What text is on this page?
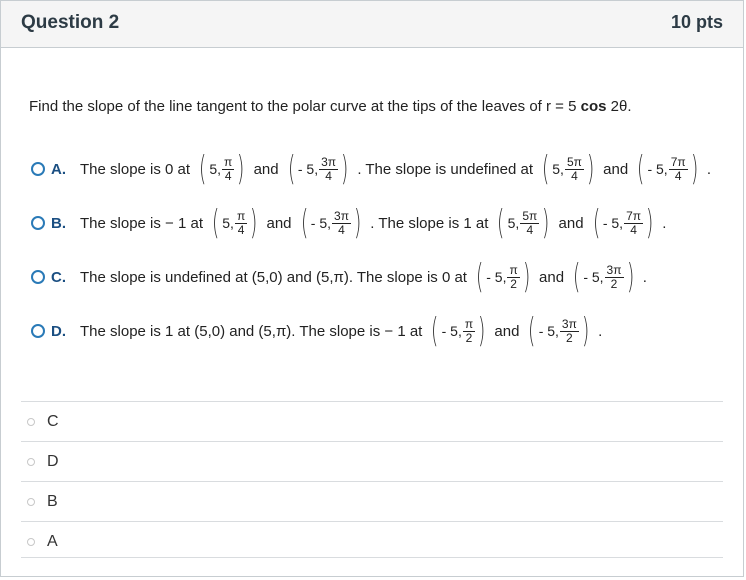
Question 2	10 pts
Find the slope of the line tangent to the polar curve at the tips of the leaves of r = 5 cos 2θ.
A. The slope is 0 at ( 5, $\frac{\pi}{4}$ ) and ( - 5, $\frac{3\pi}{4}$ ) . The slope is undefined at ( 5, $\frac{5\pi}{4}$ ) and ( - 5, $\frac{7\pi}{4}$ ) .
B. The slope is − 1 at ( 5, $\frac{\pi}{4}$ ) and ( - 5, $\frac{3\pi}{4}$ ) . The slope is 1 at ( 5, $\frac{5\pi}{4}$ ) and ( - 5, $\frac{7\pi}{4}$ ) .
C. The slope is undefined at (5,0) and (5,π). The slope is 0 at ( - 5, $\frac{\pi}{2}$ ) and ( - 5, $\frac{3\pi}{2}$ ) .
D. The slope is 1 at (5,0) and (5,π). The slope is − 1 at ( - 5, $\frac{\pi}{2}$ ) and ( - 5, $\frac{3\pi}{2}$ ) .
C
D
B
A
